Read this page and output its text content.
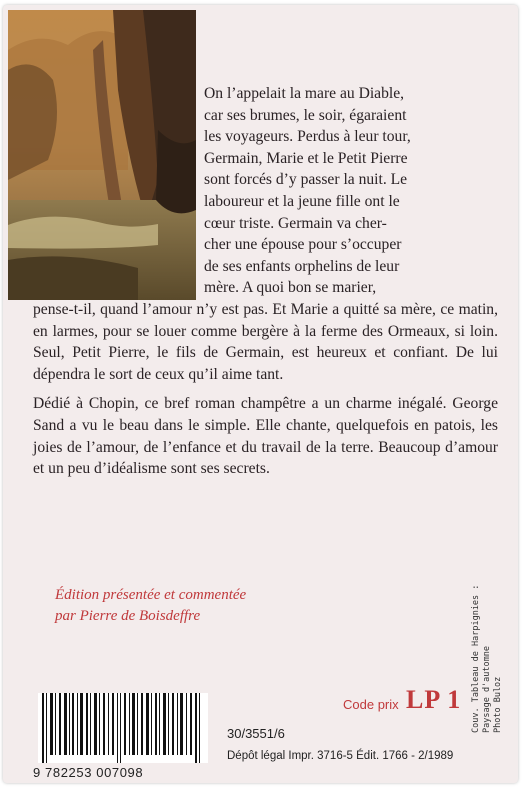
On l’appelait la mare au Diable,
car ses brumes, le soir, égaraient
les voyageurs. Perdus à leur tour,
Germain, Marie et le Petit Pierre
sont forcés d’y passer la nuit. Le
laboureur et la jeune fille ont le
cœur triste. Germain va cher-
cher une épouse pour s’occuper
de ses enfants orphelins de leur
mère. A quoi bon se marier,

pense-t-il, quand l’amour n’y est pas. Et Marie a quitté sa mère, ce matin, en larmes, pour se louer comme bergère à la ferme des Ormeaux, si loin. Seul, Petit Pierre, le fils de Germain, est heureux et confiant. De lui dépendra le sort de ceux qu’il aime tant.

Dédié à Chopin, ce bref roman champêtre a un charme inégalé. George Sand a vu le beau dans le simple. Elle chante, quelquefois en patois, les joies de l’amour, de l’enfance et du travail de la terre. Beaucoup d’amour et un peu d’idéalisme sont ses secrets.

Édition présentée et commentée
par Pierre de Boisdeffre	Couv. Tableau de Harpignies : Paysage d'automne Photo Buloz
9 782253 007098
Code prix LP 1
30/3551/6
Dépôt légal Impr. 3716-5 Édit. 1766 - 2/1989
